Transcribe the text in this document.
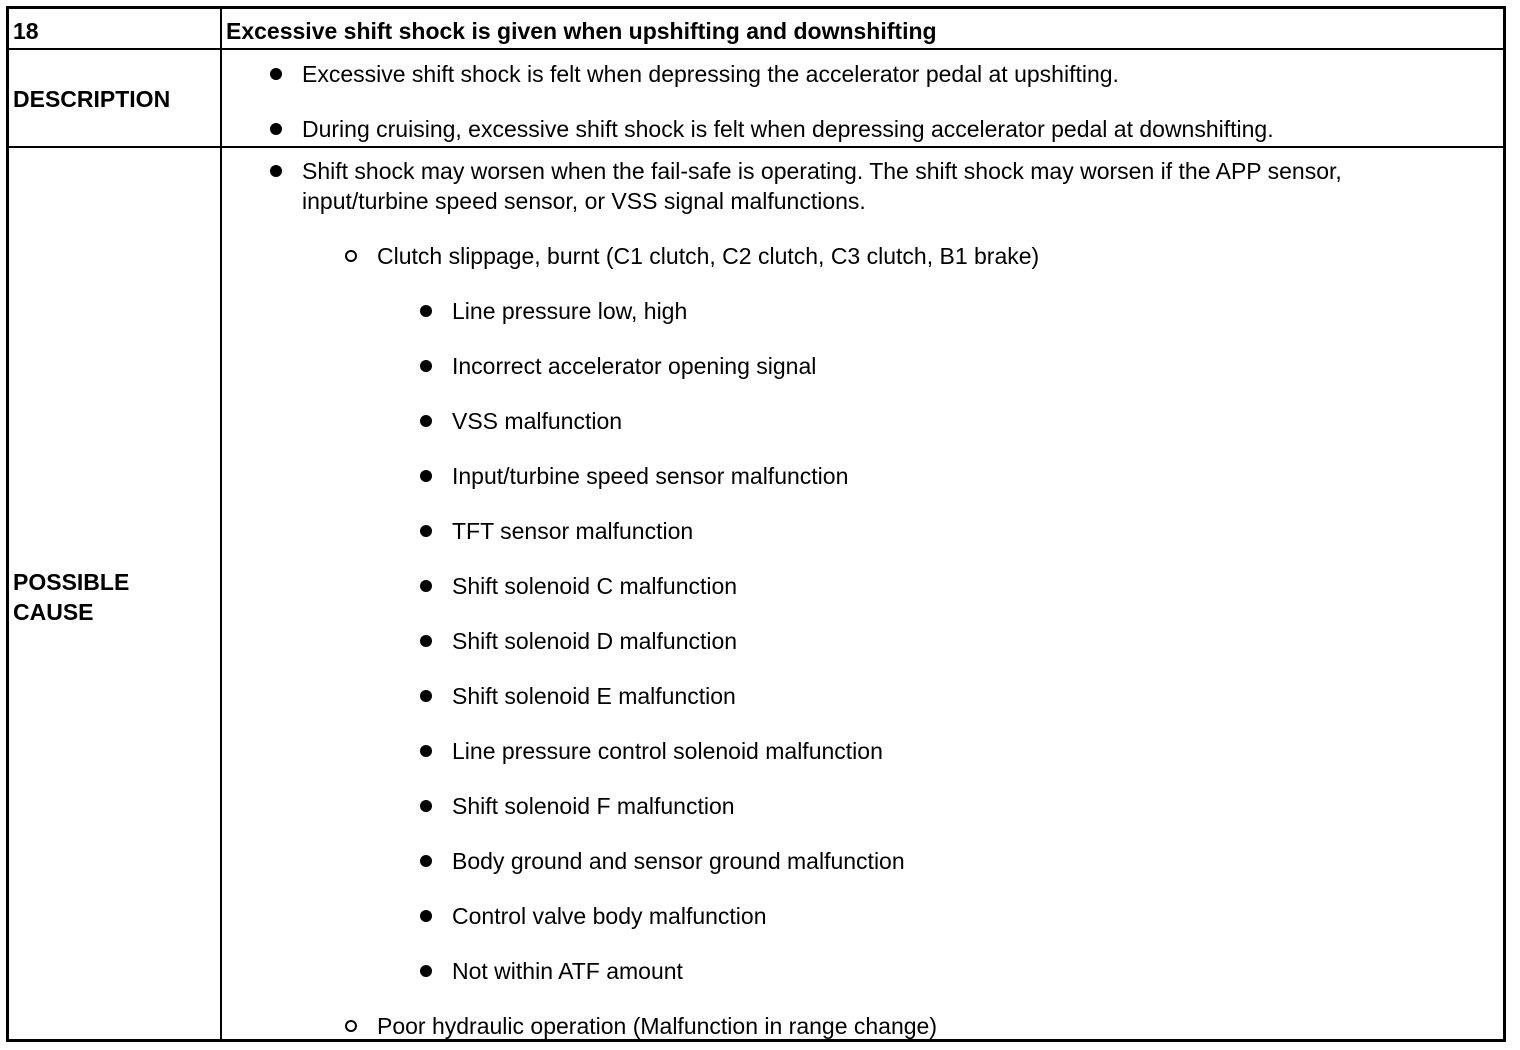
18	Excessive shift shock is given when upshifting and downshifting
DESCRIPTION
Excessive shift shock is felt when depressing the accelerator pedal at upshifting.
During cruising, excessive shift shock is felt when depressing accelerator pedal at downshifting.
POSSIBLE
CAUSE
Shift shock may worsen when the fail-safe is operating. The shift shock may worsen if the APP sensor,
input/turbine speed sensor, or VSS signal malfunctions.
Clutch slippage, burnt (C1 clutch, C2 clutch, C3 clutch, B1 brake)
Line pressure low, high
Incorrect accelerator opening signal
VSS malfunction
Input/turbine speed sensor malfunction
TFT sensor malfunction
Shift solenoid C malfunction
Shift solenoid D malfunction
Shift solenoid E malfunction
Line pressure control solenoid malfunction
Shift solenoid F malfunction
Body ground and sensor ground malfunction
Control valve body malfunction
Not within ATF amount
Poor hydraulic operation (Malfunction in range change)
